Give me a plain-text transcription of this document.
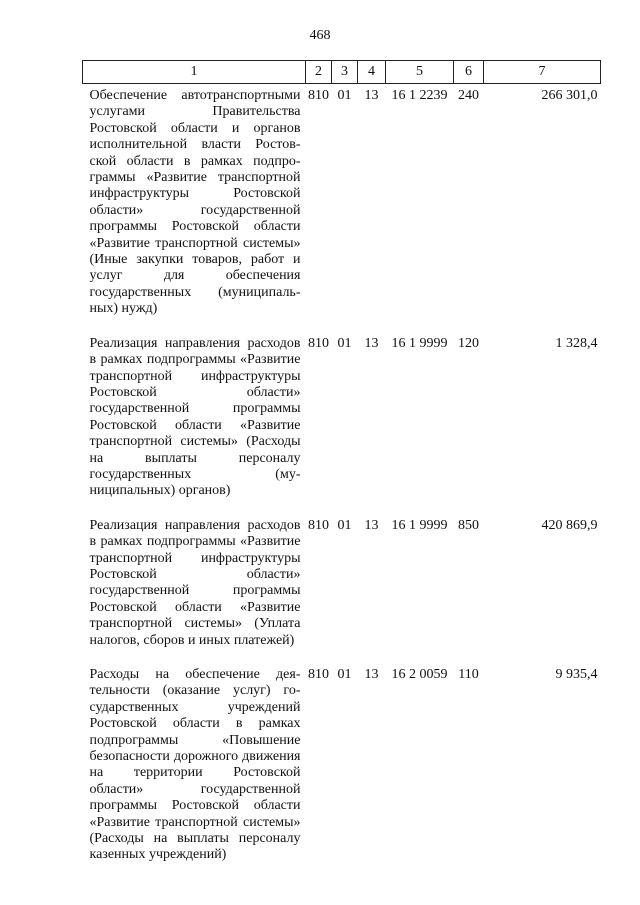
468
1	2	3	4	5	6	7
Обеспечение автотранспортными услугами Правительства Ростовской области и органов исполнительной власти Ростовской области в рамках подпрограммы «Развитие транспортной инфраструктуры Ростовской области» государственной программы Ростовской области «Развитие транспортной системы» (Иные закупки товаров, работ и услуг для обеспечения государственных (муниципальных) нужд)	810	01	13	16 1 2239	240	266 301,0
Реализация направления расходов в рамках подпрограммы «Развитие транспортной инфраструктуры Ростовской области» государственной программы Ростовской области «Развитие транспортной системы» (Расходы на выплаты персоналу государственных (муниципальных) органов)	810	01	13	16 1 9999	120	1 328,4
Реализация направления расходов в рамках подпрограммы «Развитие транспортной инфраструктуры Ростовской области» государственной программы Ростовской области «Развитие транспортной системы» (Уплата налогов, сборов и иных платежей)	810	01	13	16 1 9999	850	420 869,9
Расходы на обеспечение деятельности (оказание услуг) государственных учреждений Ростовской области в рамках подпрограммы «Повышение безопасности дорожного движения на территории Ростовской области» государственной программы Ростовской области «Развитие транспортной системы» (Расходы на выплаты персоналу казенных учреждений)	810	01	13	16 2 0059	110	9 935,4
